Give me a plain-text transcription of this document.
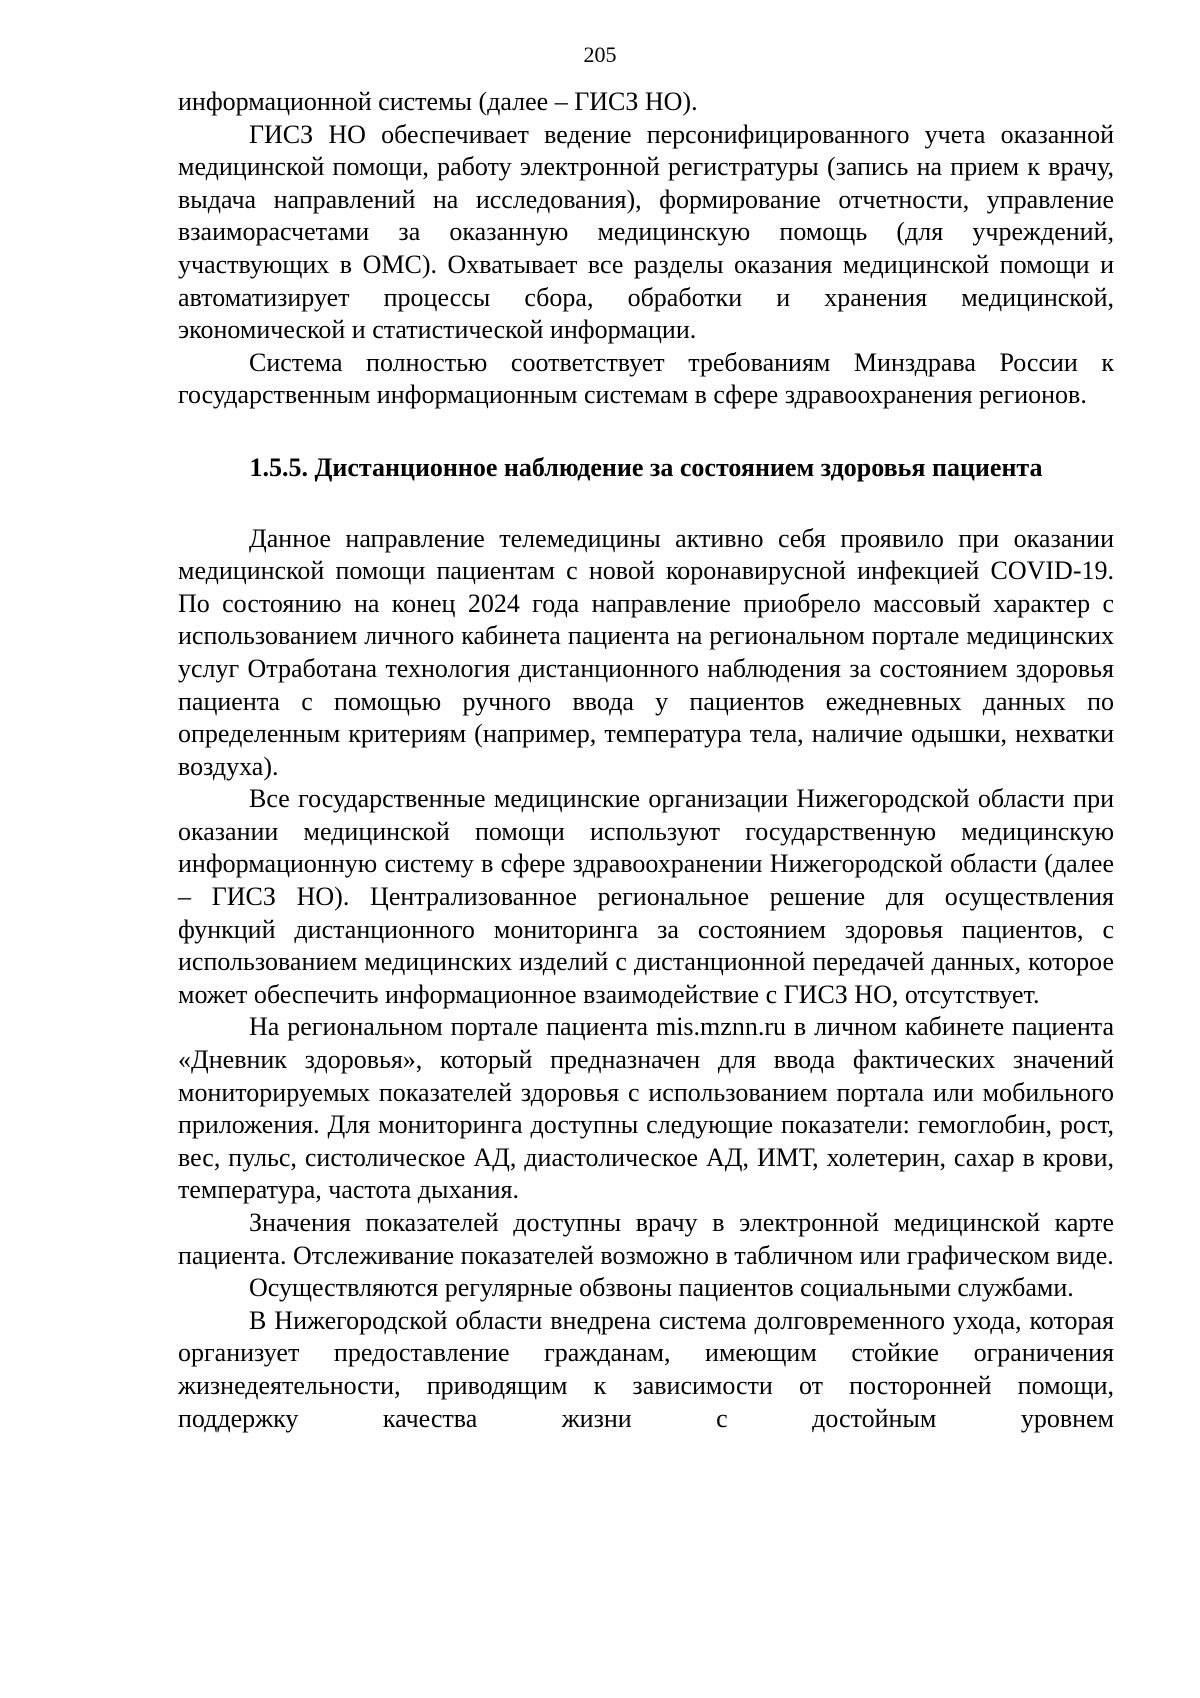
205

информационной системы (далее – ГИСЗ НО).

ГИСЗ НО обеспечивает ведение персонифицированного учета оказанной медицинской помощи, работу электронной регистратуры (запись на прием к врачу, выдача направлений на исследования), формирование отчетности, управление взаиморасчетами за оказанную медицинскую помощь (для учреждений, участвующих в ОМС). Охватывает все разделы оказания медицинской помощи и автоматизирует процессы сбора, обработки и хранения медицинской, экономической и статистической информации.

Система полностью соответствует требованиям Минздрава России к государственным информационным системам в сфере здравоохранения регионов.

1.5.5. Дистанционное наблюдение за состоянием здоровья пациента

Данное направление телемедицины активно себя проявило при оказании медицинской помощи пациентам с новой коронавирусной инфекцией COVID-19. По состоянию на конец 2024 года направление приобрело массовый характер с использованием личного кабинета пациента на региональном портале медицинских услуг Отработана технология дистанционного наблюдения за состоянием здоровья пациента с помощью ручного ввода у пациентов ежедневных данных по определенным критериям (например, температура тела, наличие одышки, нехватки воздуха).

Все государственные медицинские организации Нижегородской области при оказании медицинской помощи используют государственную медицинскую информационную систему в сфере здравоохранении Нижегородской области (далее – ГИСЗ НО). Централизованное региональное решение для осуществления функций дистанционного мониторинга за состоянием здоровья пациентов, с использованием медицинских изделий с дистанционной передачей данных, которое может обеспечить информационное взаимодействие с ГИСЗ НО, отсутствует.

На региональном портале пациента mis.mznn.ru в личном кабинете пациента «Дневник здоровья», который предназначен для ввода фактических значений мониторируемых показателей здоровья с использованием портала или мобильного приложения. Для мониторинга доступны следующие показатели: гемоглобин, рост, вес, пульс, систолическое АД, диастолическое АД, ИМТ, холетерин, сахар в крови, температура, частота дыхания.

Значения показателей доступны врачу в электронной медицинской карте пациента. Отслеживание показателей возможно в табличном или графическом виде.

Осуществляются регулярные обзвоны пациентов социальными службами.

В Нижегородской области внедрена система долговременного ухода, которая организует предоставление гражданам, имеющим стойкие ограничения жизнедеятельности, приводящим к зависимости от посторонней помощи, поддержку качества жизни с достойным уровнем
